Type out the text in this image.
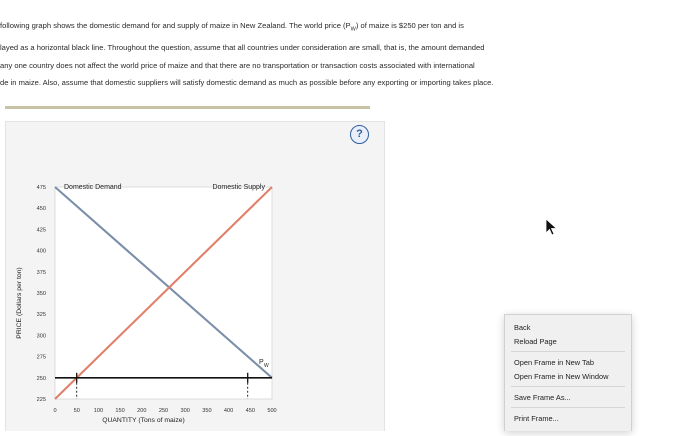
following graph shows the domestic demand for and supply of maize in New Zealand. The world price $(P_W)$ of maize is $250 per ton and is
layed as a horizontal black line. Throughout the question, assume that all countries under consideration are small, that is, the amount demanded
any one country does not affect the world price of maize and that there are no transportation or transaction costs associated with international
de in maize. Also, assume that domestic suppliers will satisfy domestic demand as much as possible before any exporting or importing takes place.
0	50 100 150 200 250 300 350 400 450 500
475
450
425
400
375
350
325
300
275
250
225
QUANTITY (Tons of maize)
PRICE (Dollars per ton)
Domestic Demand	Domestic Supply
P W
?
Back
Reload Page
Open Frame in New Tab
Open Frame in New Window
Save Frame As...
Print Frame...
